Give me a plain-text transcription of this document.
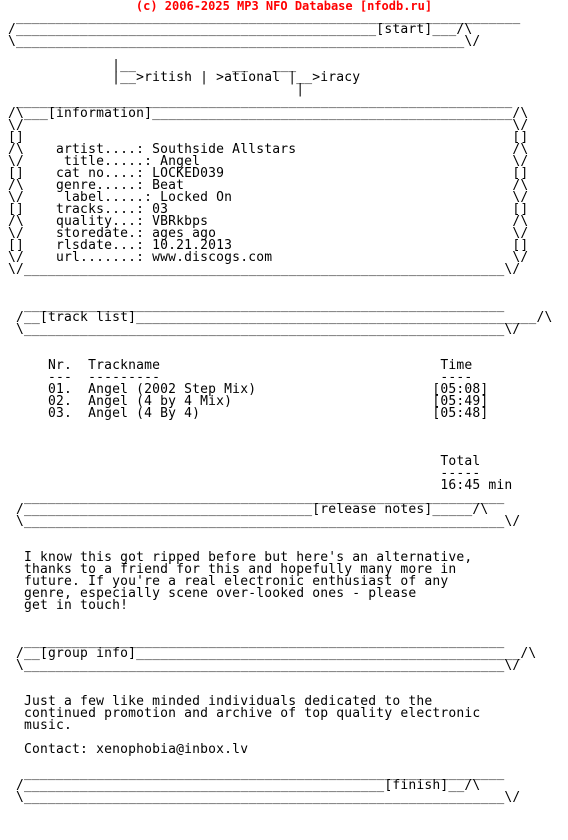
(c) 2006-2025 MP3 NFO Database [nfodb.ru]
_______________________________________________________________
/_____________________________________________[start]___/\
\________________________________________________________\/

|__            __   ___
|__>ritish | >ational |__>iracy
|
______________________________________________________________
/\___[information]_____________________________________________/\
\/                                                             \/
[]                                                             []
/\    artist....: Southside Allstars                           /\
\/     title.....: Angel                                       \/
[]    cat no....: LOCKED039                                    []
/\    genre.....: Beat                                         /\
\/     label.....: Locked On                                   \/
[]    tracks....: 03                                           []
/\    quality...: VBRkbps                                      /\
\/    storedate.: ages ago                                     \/
[]    rlsdate...: 10.21.2013                                   []
\/    url.......: www.discogs.com                              \/
\/____________________________________________________________\/

____________________________________________________________
/__[track list]__________________________________________________/\
\____________________________________________________________\/

Nr.  Trackname                                   Time
---  ---------                                   ----
01.  Angel (2002 Step Mix)                      [05:08]
02.  Angel (4 by 4 Mix)                         [05:49]
03.  Angel (4 By 4)                             [05:48]

Total
-----
16:45 min
____________________________________________________________
/____________________________________[release notes]_____/\
\____________________________________________________________\/

I know this got ripped before but here's an alternative,
thanks to a friend for this and hopefully many more in
future. If you're a real electronic enthusiast of any
genre, especially scene over-looked ones - please
get in touch!

____________________________________________________________
/__[group info]________________________________________________/\
\____________________________________________________________\/

Just a few like minded individuals dedicated to the
continued promotion and archive of top quality electronic
music.

Contact: xenophobia@inbox.lv

____________________________________________________________
/_____________________________________________[finish]__/\
\____________________________________________________________\/
